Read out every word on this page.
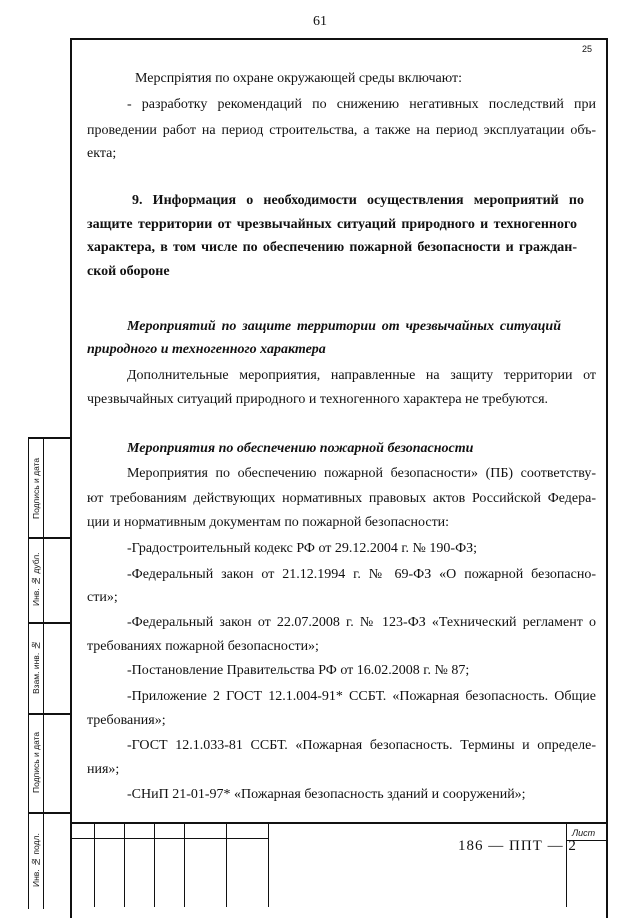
61
25
Мерспріятия по охране окружающей среды включают:
- разработку рекомендаций по снижению негативных последствий при
проведении работ на период строительства, а также на период эксплуатации объ-
екта;
9. Информация о необходимости осуществления мероприятий по
защите территории от чрезвычайных ситуаций природного и техногенного
характера, в том числе по обеспечению пожарной безопасности и граждан-
ской обороне
Мероприятий по защите территории от чрезвычайных ситуаций
природного и техногенного характера
Дополнительные мероприятия, направленные на защиту территории от
чрезвычайных ситуаций природного и техногенного характера не требуются.
Мероприятия по обеспечению пожарной безопасности
Мероприятия по обеспечению пожарной безопасности» (ПБ) соответству-
ют требованиям действующих нормативных правовых актов Российской Федера-
ции и нормативным документам по пожарной безопасности:
-Градостроительный кодекс РФ от 29.12.2004 г. № 190-ФЗ;
-Федеральный закон от 21.12.1994 г. № 69-ФЗ «О пожарной безопасно-
сти»;
-Федеральный закон от 22.07.2008 г. № 123-ФЗ «Технический регламент о
требованиях пожарной безопасности»;
-Постановление Правительства РФ от 16.02.2008 г. № 87;
-Приложение 2 ГОСТ 12.1.004-91* ССБТ. «Пожарная безопасность. Общие
требования»;
-ГОСТ 12.1.033-81 ССБТ. «Пожарная безопасность. Термины и определе-
ния»;
-СНиП 21-01-97* «Пожарная безопасность зданий и сооружений»;
Подпись и дата
Инв. № дубл.
Взам. инв. №
Подпись и дата
Инв. № подл.
Лист
186 — ППТ — 2
